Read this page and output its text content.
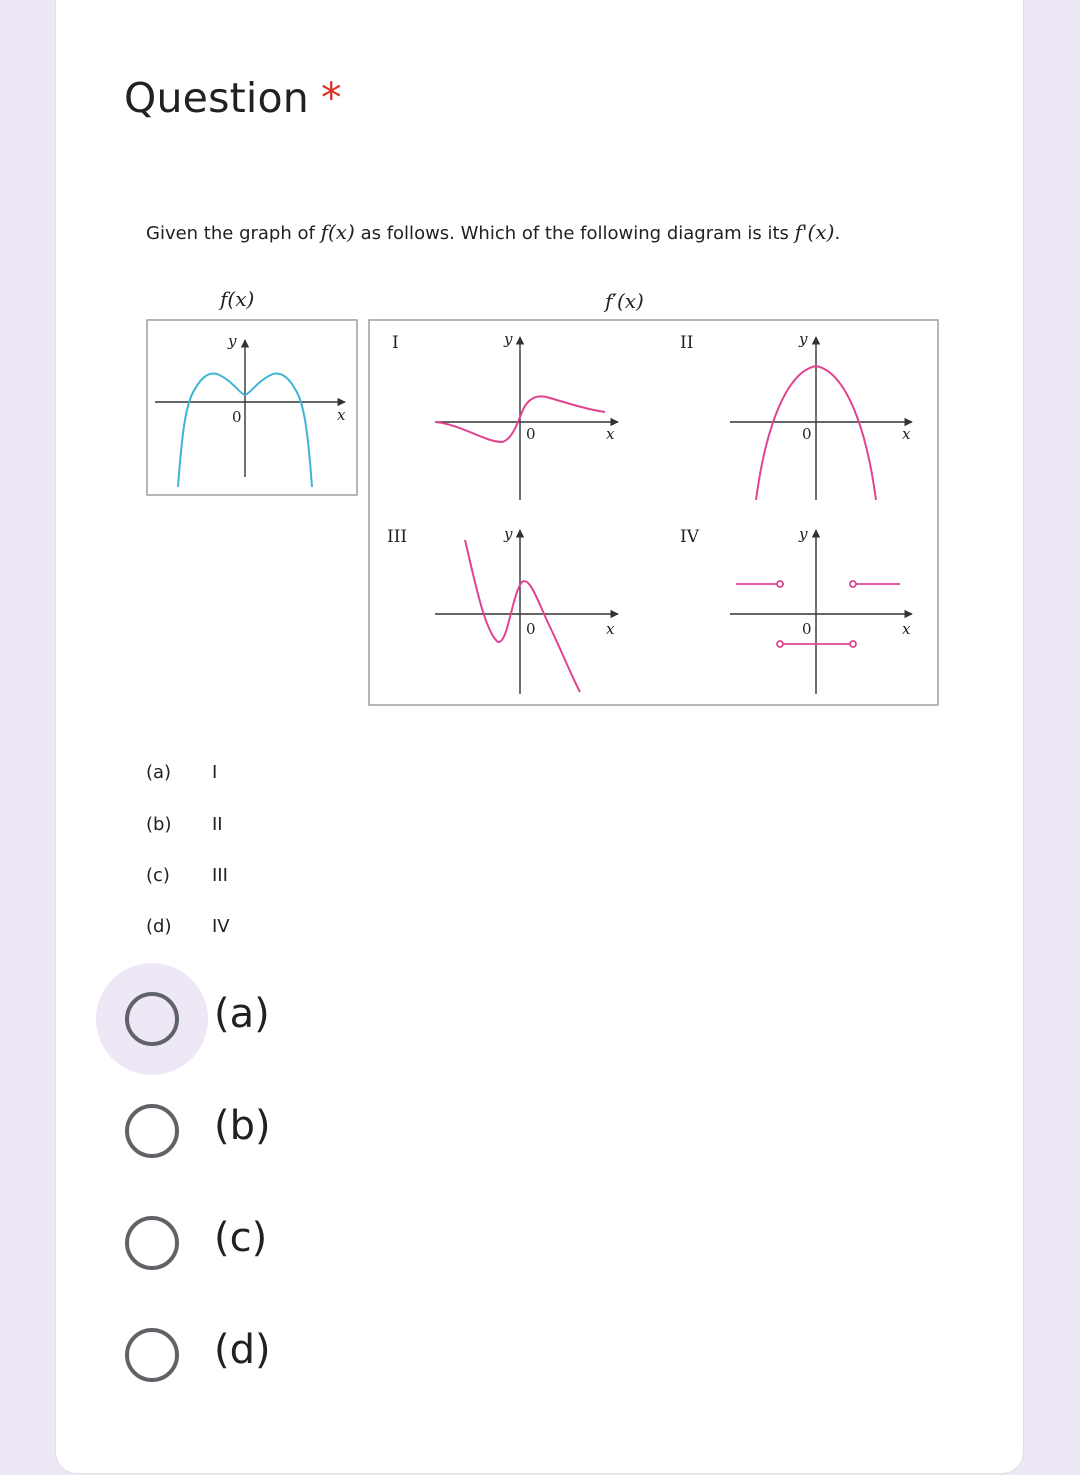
Question *
Given the graph of f(x) as follows. Which of the following diagram is its f'(x).
f(x)	f′(x)
y
x
0
I	y
x
0
II	y
x
0
III	y
x
0
IV	y
x
0
(a) I
(b) II
(c) III
(d) IV
(a)
(b)
(c)
(d)
